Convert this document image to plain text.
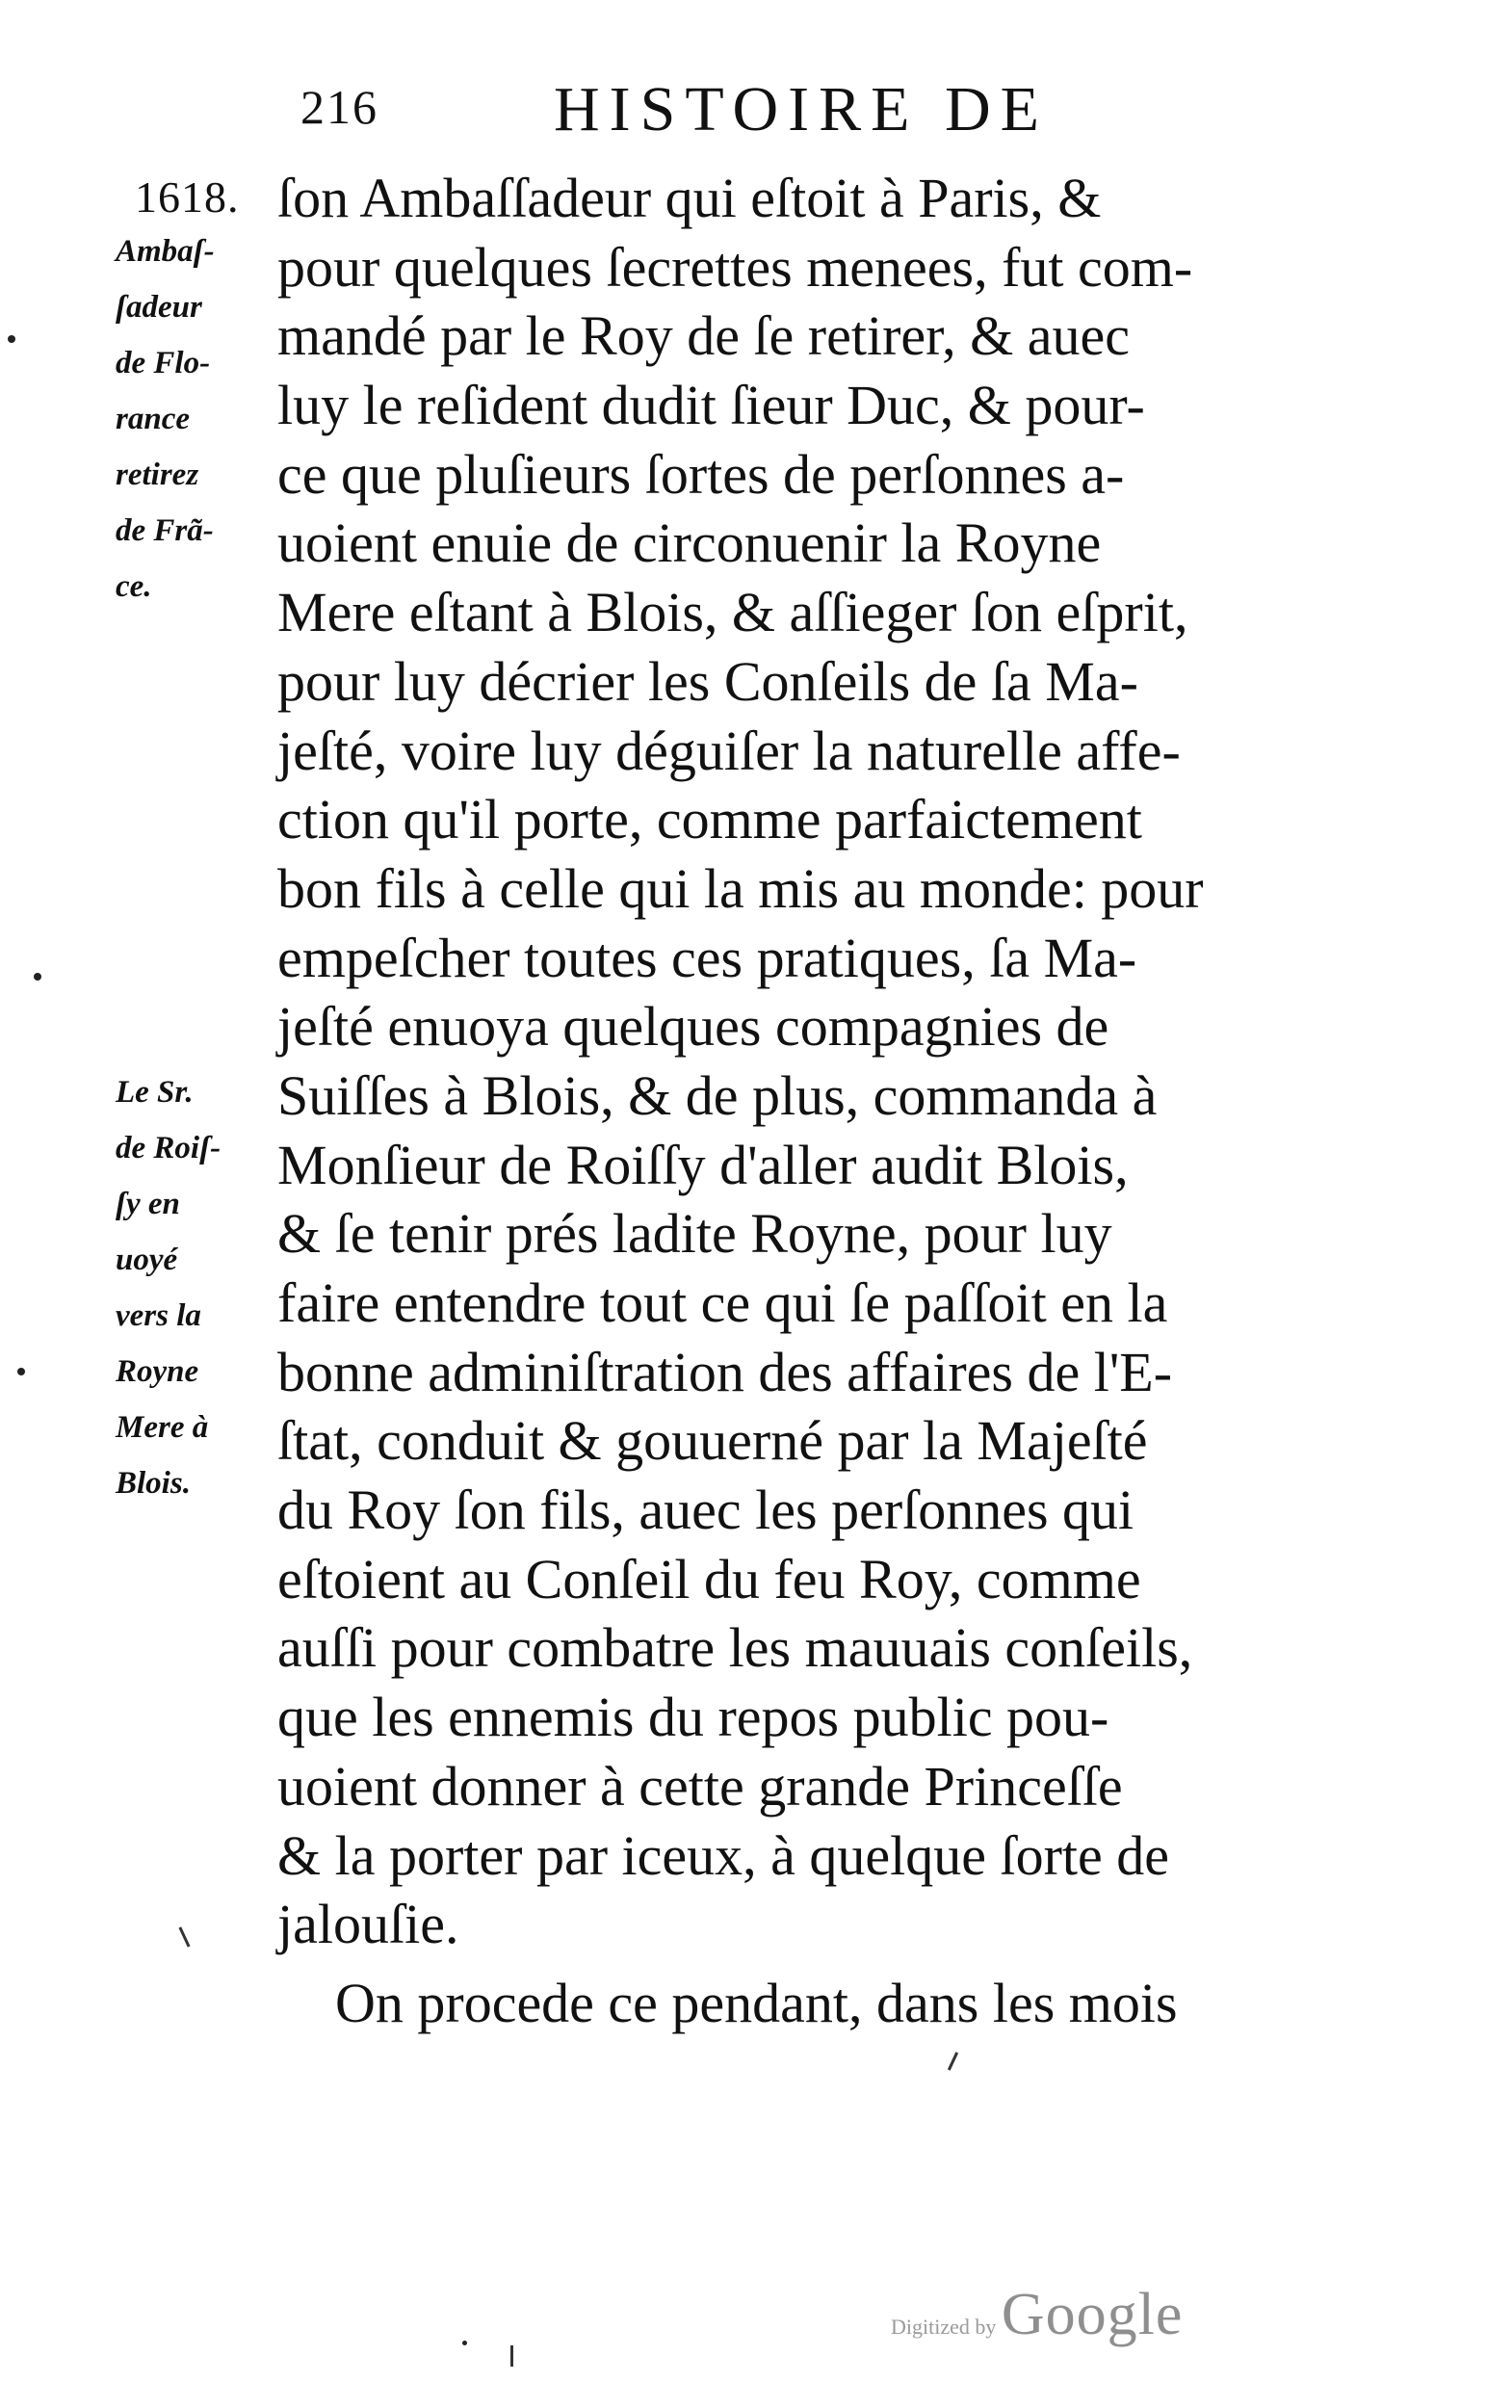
216	HISTOIRE DE
1618.
Ambaſ-
ſadeur
de Flo-
rance
retirez
de Frã-
ce.
Le Sr.
de Roiſ-
ſy en
uoyé
vers la
Royne
Mere à
Blois.
ſon Ambaſſadeur qui eſtoit à Paris, &
pour quelques ſecrettes menees, fut com-
mandé par le Roy de ſe retirer, & auec
luy le reſident dudit ſieur Duc, & pour-
ce que pluſieurs ſortes de perſonnes a-
uoient enuie de circonuenir la Royne
Mere eſtant à Blois, & aſſieger ſon eſprit,
pour luy décrier les Conſeils de ſa Ma-
jeſté, voire luy déguiſer la naturelle affe-
ction qu'il porte, comme parfaictement
bon fils à celle qui la mis au monde: pour
empeſcher toutes ces pratiques, ſa Ma-
jeſté enuoya quelques compagnies de
Suiſſes à Blois, & de plus, commanda à
Monſieur de Roiſſy d'aller audit Blois,
& ſe tenir prés ladite Royne, pour luy
faire entendre tout ce qui ſe paſſoit en la
bonne adminiſtration des affaires de l'E-
ſtat, conduit & gouuerné par la Majeſté
du Roy ſon fils, auec les perſonnes qui
eſtoient au Conſeil du feu Roy, comme
auſſi pour combatre les mauuais conſeils,
que les ennemis du repos public pou-
uoient donner à cette grande Princeſſe
& la porter par iceux, à quelque ſorte de
jalouſie.
On procede ce pendant, dans les mois
Digitized by Google
